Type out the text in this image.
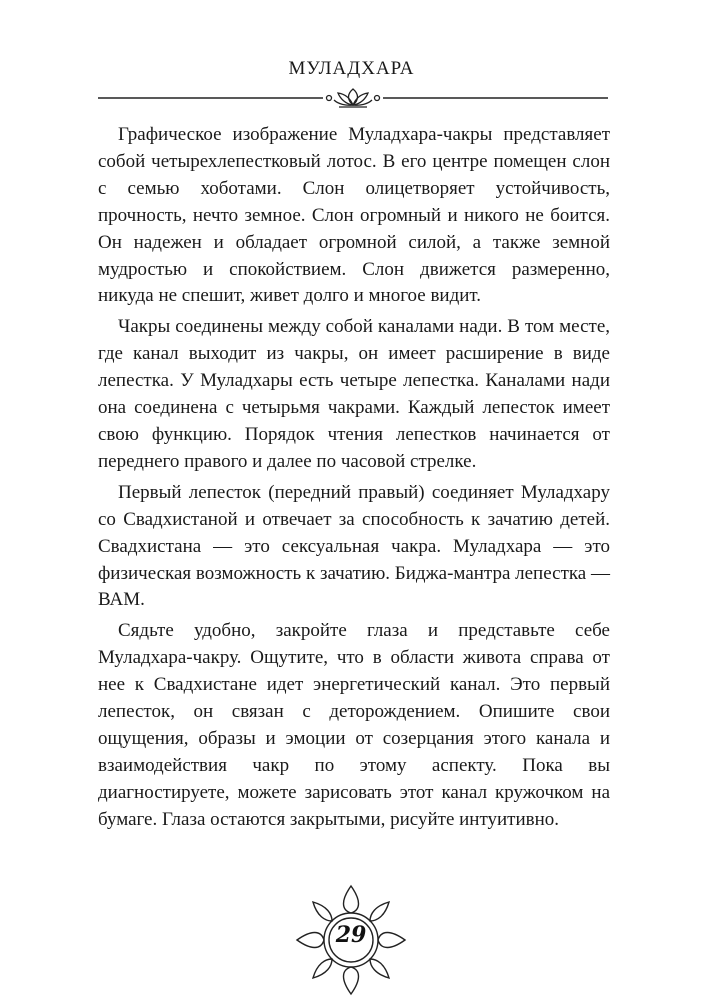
МУЛАДХАРА

Графическое изображение Муладхара-чакры представляет собой четырехлепестковый лотос. В его центре помещен слон с семью хоботами. Слон олицетворяет устойчивость, прочность, нечто земное. Слон огромный и никого не боится. Он надежен и обладает огромной силой, а также земной мудростью и спокойствием. Слон движется размеренно, никуда не спешит, живет долго и многое видит.

Чакры соединены между собой каналами нади. В том месте, где канал выходит из чакры, он имеет расширение в виде лепестка. У Муладхары есть четыре лепестка. Каналами нади она соединена с четырьмя чакрами. Каждый лепесток имеет свою функцию. Порядок чтения лепестков начинается от переднего правого и далее по часовой стрелке.

Первый лепесток (передний правый) соединяет Муладхару со Свадхистаной и отвечает за способность к зачатию детей. Свадхистана — это сексуальная чакра. Муладхара — это физическая возможность к зачатию. Биджа-мантра лепестка — ВАМ.

Сядьте удобно, закройте глаза и представьте себе Муладхара-чакру. Ощутите, что в области живота справа от нее к Свадхистане идет энергетический канал. Это первый лепесток, он связан с деторождением. Опишите свои ощущения, образы и эмоции от созерцания этого канала и взаимодействия чакр по этому аспекту. Пока вы диагностируете, можете зарисовать этот канал кружочком на бумаге. Глаза остаются закрытыми, рисуйте интуитивно.

29
